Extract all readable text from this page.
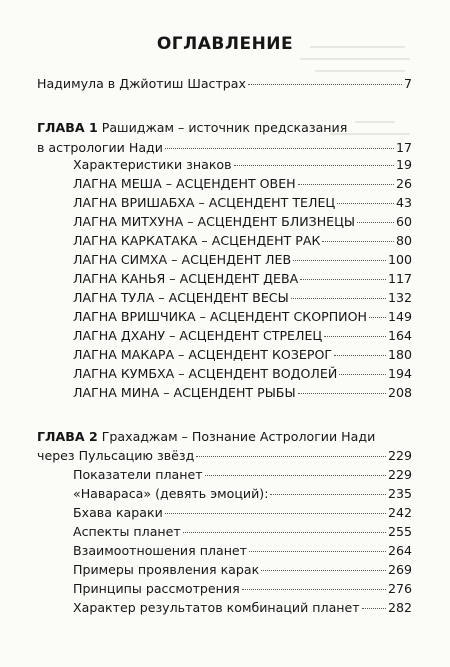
ОГЛАВЛЕНИЕ
Надимула в Джйотиш Шастрах	7
ГЛАВА 1 Рашиджам – источник предсказания
в астрологии Нади	17
Характеристики знаков	19
ЛАГНА МЕША – АСЦЕНДЕНТ ОВЕН	26
ЛАГНА ВРИШАБХА – АСЦЕНДЕНТ ТЕЛЕЦ	43
ЛАГНА МИТХУНА – АСЦЕНДЕНТ БЛИЗНЕЦЫ	60
ЛАГНА КАРКАТАКА – АСЦЕНДЕНТ РАК	80
ЛАГНА СИМХА – АСЦЕНДЕНТ ЛЕВ	100
ЛАГНА КАНЬЯ – АСЦЕНДЕНТ ДЕВА	117
ЛАГНА ТУЛА – АСЦЕНДЕНТ ВЕСЫ	132
ЛАГНА ВРИШЧИКА – АСЦЕНДЕНТ СКОРПИОН 149
ЛАГНА ДХАНУ – АСЦЕНДЕНТ СТРЕЛЕЦ	164
ЛАГНА МАКАРА – АСЦЕНДЕНТ КОЗЕРОГ	180
ЛАГНА КУМБХА – АСЦЕНДЕНТ ВОДОЛЕЙ	194
ЛАГНА МИНА – АСЦЕНДЕНТ РЫБЫ	208
ГЛАВА 2 Грахаджам – Познание Астрологии Нади
через Пульсацию звёзд	229
Показатели планет	229
«Навараса» (девять эмоций):	235
Бхава караки	242
Аспекты планет	255
Взаимоотношения планет	264
Примеры проявления карак	269
Принципы рассмотрения	276
Характер результатов комбинаций планет 282
